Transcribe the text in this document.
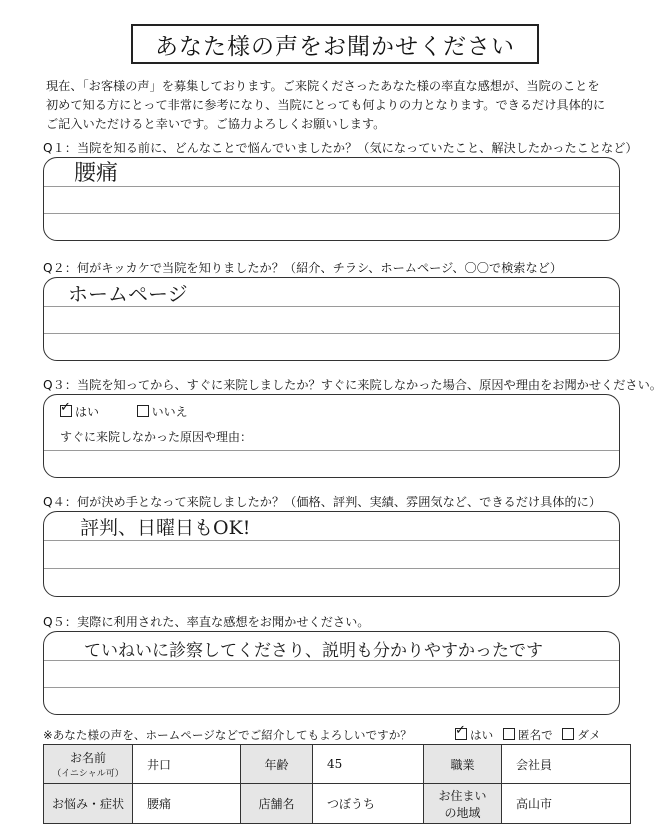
あなた様の声をお聞かせください
現在、「お客様の声」を募集しております。ご来院くださったあなた様の率直な感想が、当院のことを
初めて知る方にとって非常に参考になり、当院にとっても何よりの力となります。できるだけ具体的に
ご記入いただけると幸いです。ご協力よろしくお願いします。
Q１：当院を知る前に、どんなことで悩んでいましたか？（気になっていたこと、解決したかったことなど）
腰痛
Q２：何がキッカケで当院を知りましたか？（紹介、チラシ、ホームページ、〇〇で検索など）
ホームページ
Q３：当院を知ってから、すぐに来院しましたか？すぐに来院しなかった場合、原因や理由をお聞かせください。
✓はい	いいえ
すぐに来院しなかった原因や理由：
Q４：何が決め手となって来院しましたか？（価格、評判、実績、雰囲気など、できるだけ具体的に）
評判、日曜日もOK!
Q５：実際に利用された、率直な感想をお聞かせください。
ていねいに診察してくださり、説明も分かりやすかったです
※あなた様の声を、ホームページなどでご紹介してもよろしいですか？ ✓	はい 匿名で ダメ
お名前
（イニシャル可）	井口	年齢	45	職業	会社員
お悩み・症状	腰痛	店舗名	つぼうち	お住まい
の地域	高山市
